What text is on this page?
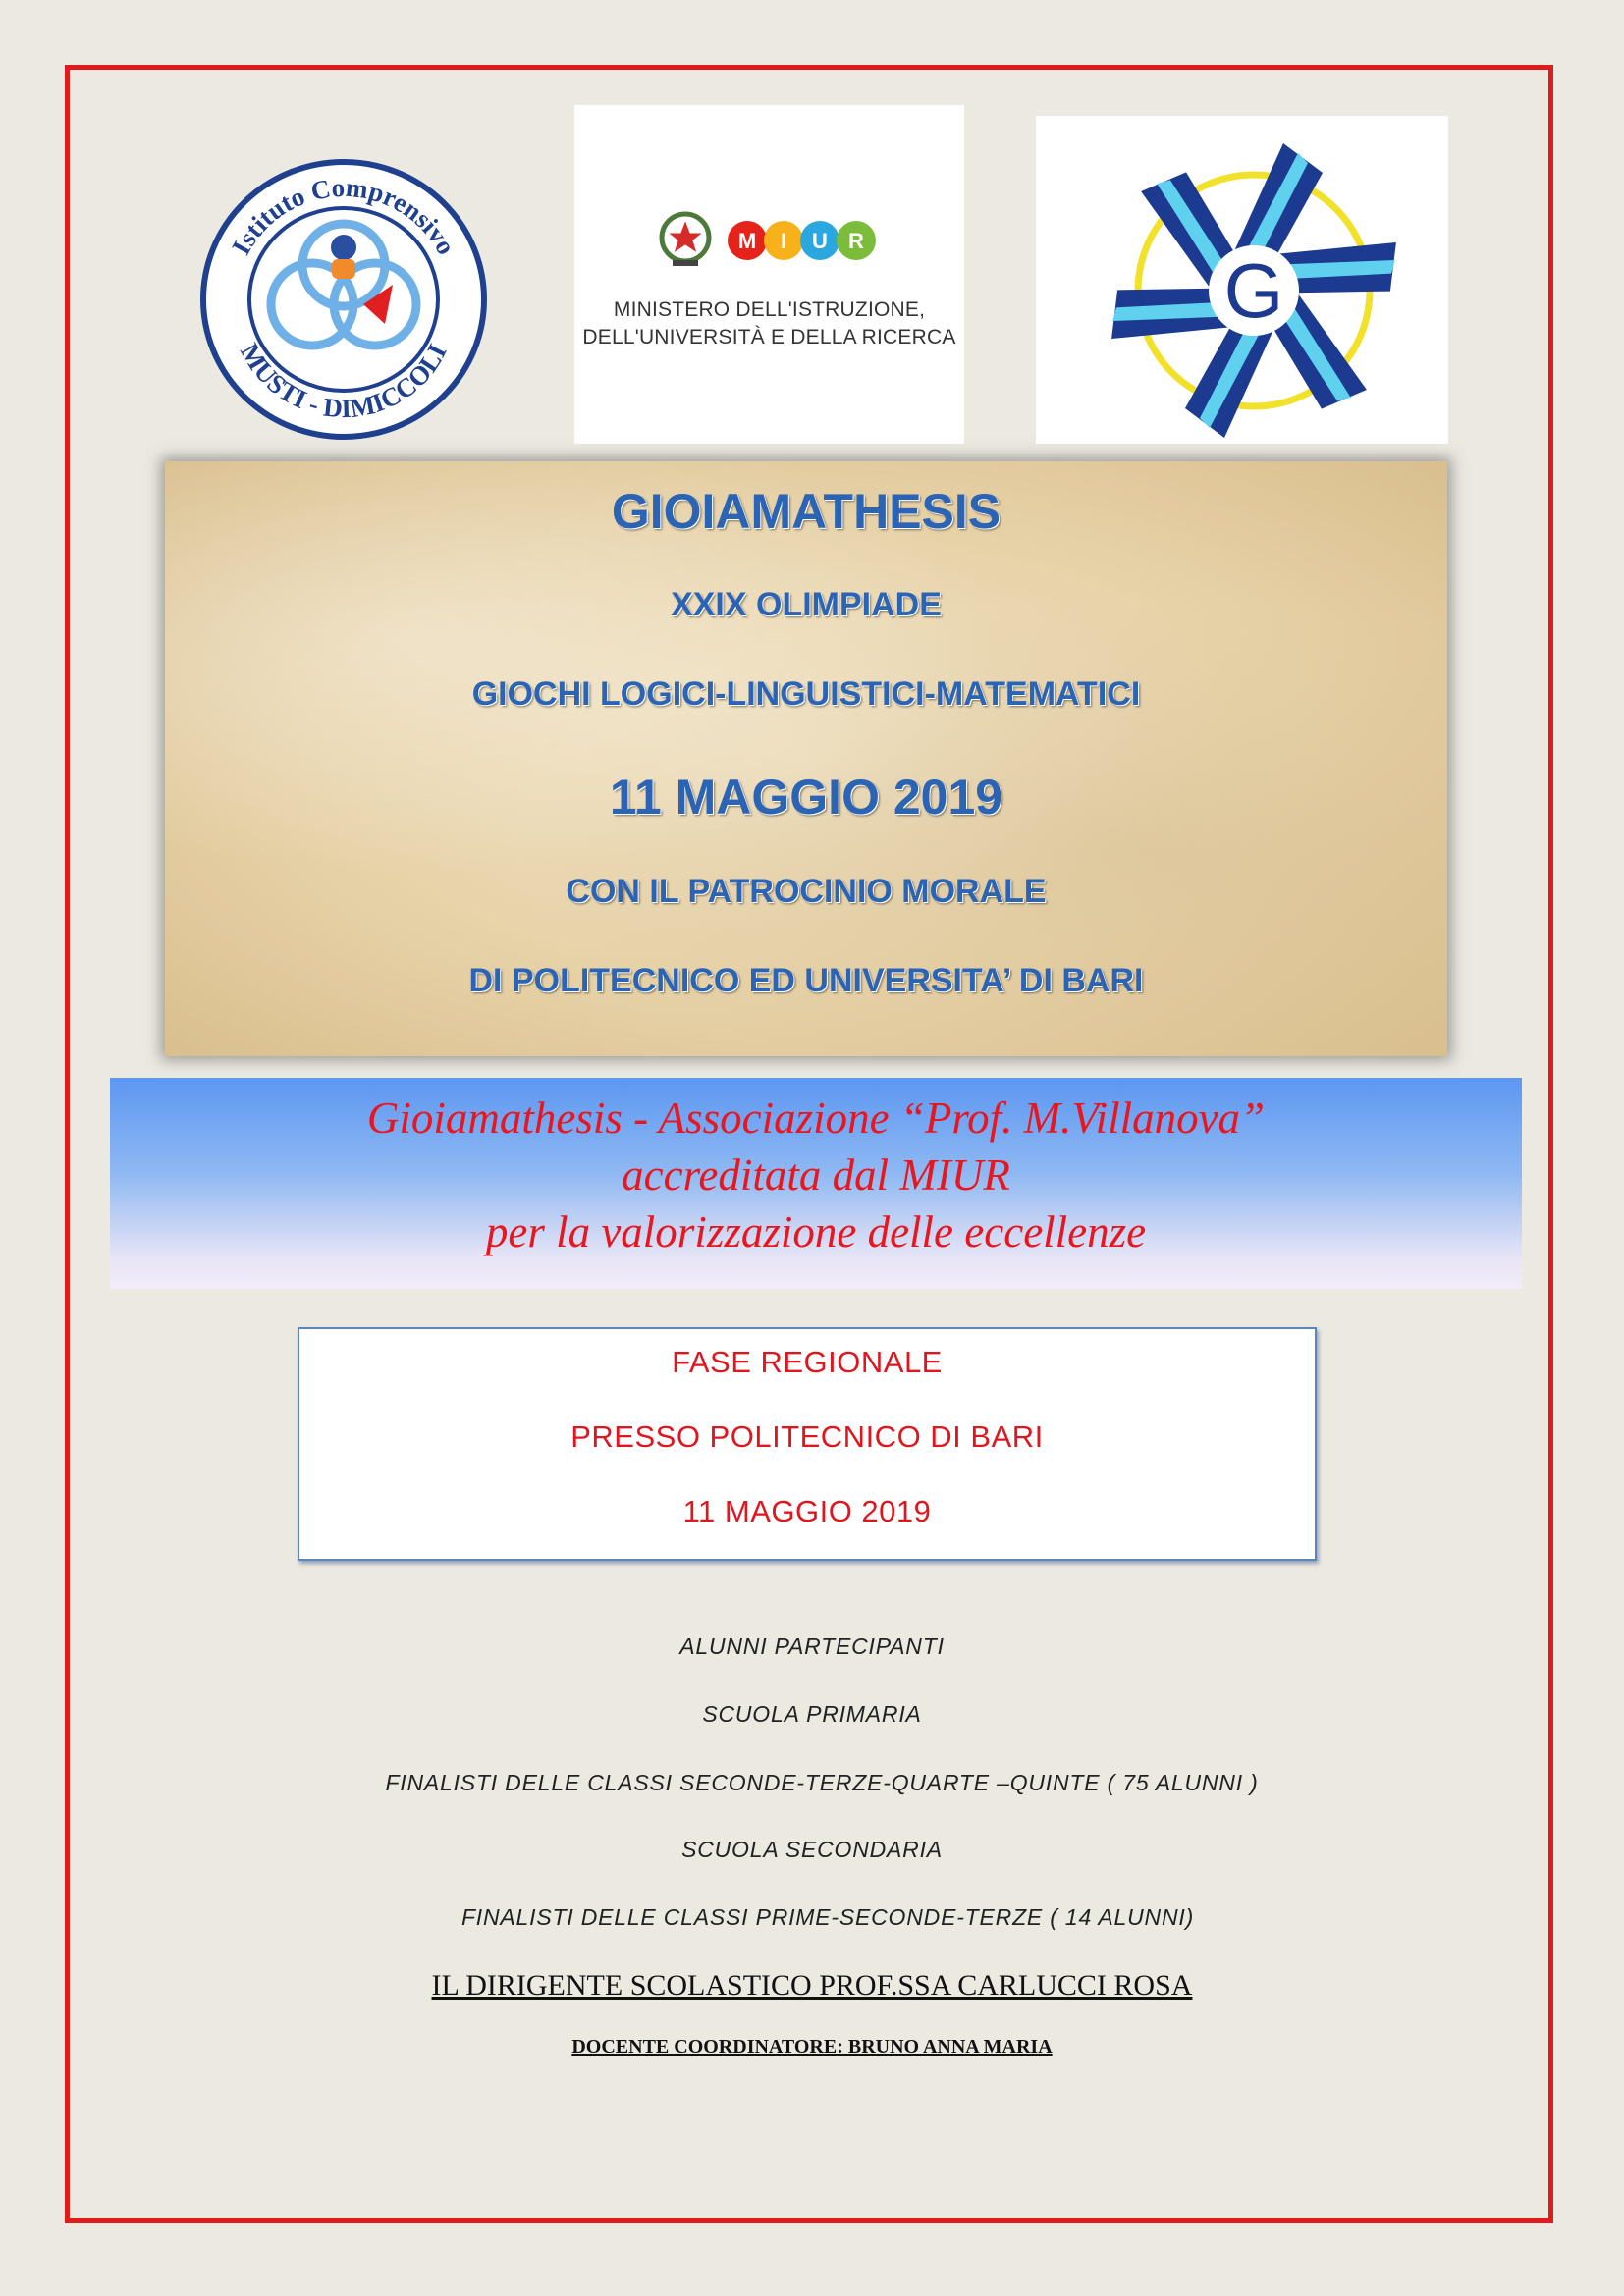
Istituto Comprensivo
MUSTI - DIMICCOLI
M I U R
MINISTERO DELL'ISTRUZIONE,
DELL'UNIVERSITÀ E DELLA RICERCA
G
GIOIAMATHESIS
XXIX OLIMPIADE
GIOCHI LOGICI-LINGUISTICI-MATEMATICI
11 MAGGIO 2019
CON IL PATROCINIO MORALE
DI POLITECNICO ED UNIVERSITA’ DI BARI
Gioiamathesis - Associazione “Prof. M.Villanova”
accreditata dal MIUR
per la valorizzazione delle eccellenze
FASE REGIONALE
PRESSO POLITECNICO DI BARI
11 MAGGIO 2019
ALUNNI PARTECIPANTI
SCUOLA PRIMARIA
FINALISTI DELLE CLASSI SECONDE-TERZE-QUARTE –QUINTE ( 75 ALUNNI )
SCUOLA SECONDARIA
FINALISTI DELLE CLASSI PRIME-SECONDE-TERZE ( 14 ALUNNI)
IL DIRIGENTE SCOLASTICO PROF.SSA CARLUCCI ROSA
DOCENTE COORDINATORE: BRUNO ANNA MARIA
